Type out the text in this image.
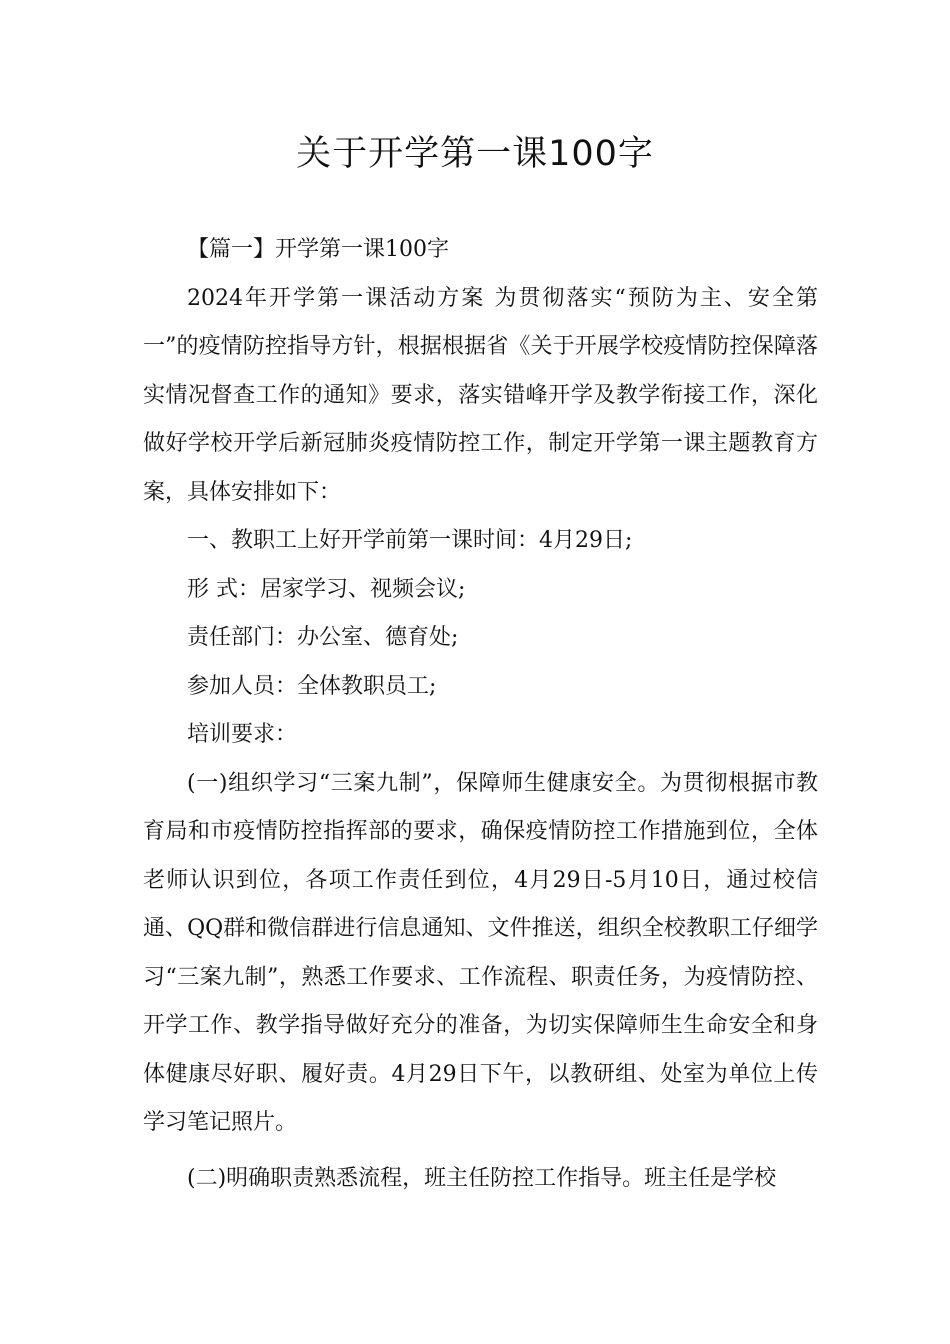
关于开学第一课100字

【篇一】开学第一课100字

2024年开学第一课活动方案 为贯彻落实“预防为主、安全第一”的疫情防控指导方针，根据根据省《关于开展学校疫情防控保障落实情况督查工作的通知》要求，落实错峰开学及教学衔接工作，深化做好学校开学后新冠肺炎疫情防控工作，制定开学第一课主题教育方案，具体安排如下：

一、教职工上好开学前第一课时间：4月29日;

形 式：居家学习、视频会议;

责任部门：办公室、德育处;

参加人员：全体教职员工;

培训要求：

(一)组织学习“三案九制”，保障师生健康安全。为贯彻根据市教育局和市疫情防控指挥部的要求，确保疫情防控工作措施到位，全体老师认识到位，各项工作责任到位，4月29日-5月10日，通过校信通、QQ群和微信群进行信息通知、文件推送，组织全校教职工仔细学习“三案九制”，熟悉工作要求、工作流程、职责任务，为疫情防控、开学工作、教学指导做好充分的准备，为切实保障师生生命安全和身体健康尽好职、履好责。4月29日下午，以教研组、处室为单位上传学习笔记照片。

(二)明确职责熟悉流程，班主任防控工作指导。班主任是学校
